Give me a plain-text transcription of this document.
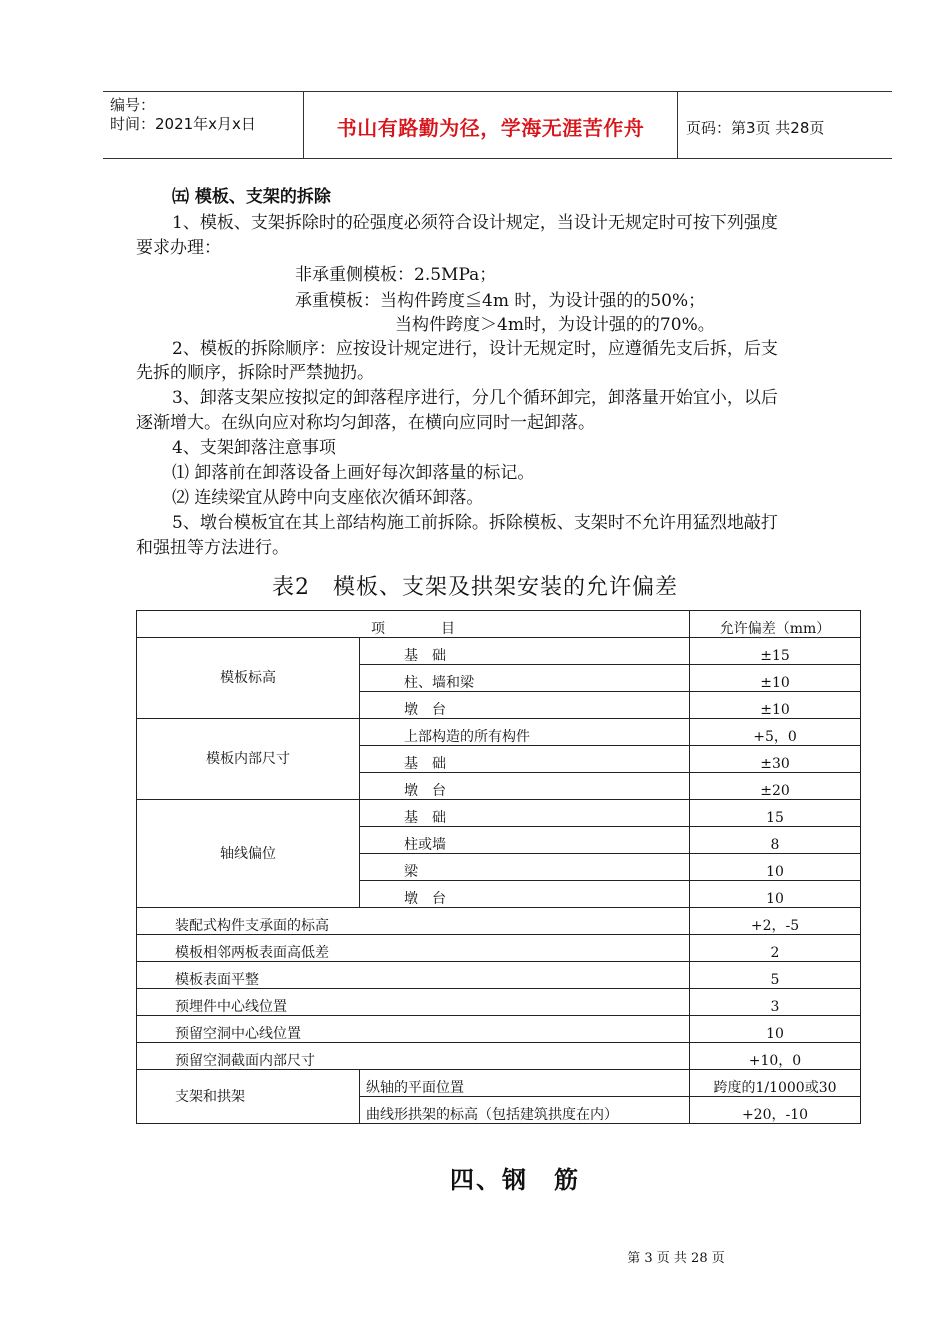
编号：
时间：2021年x月x日	书山有路勤为径，学海无涯苦作舟	页码：第3页 共28页
㈤ 模板、支架的拆除
1、模板、支架拆除时的砼强度必须符合设计规定，当设计无规定时可按下列强度
要求办理：
非承重侧模板：2.5MPa；
承重模板：当构件跨度≦4m 时，为设计强的的50%；
当构件跨度＞4m时，为设计强的的70%。
2、模板的拆除顺序：应按设计规定进行，设计无规定时，应遵循先支后拆，后支
先拆的顺序，拆除时严禁抛扔。
3、卸落支架应按拟定的卸落程序进行，分几个循环卸完，卸落量开始宜小，以后
逐渐增大。在纵向应对称均匀卸落，在横向应同时一起卸落。
4、支架卸落注意事项
⑴ 卸落前在卸落设备上画好每次卸落量的标记。
⑵ 连续梁宜从跨中向支座依次循环卸落。
5、墩台模板宜在其上部结构施工前拆除。拆除模板、支架时不允许用猛烈地敲打
和强扭等方法进行。
表2　模板、支架及拱架安装的允许偏差
项　　　　目		允许偏差（mm）
模板标高	基　础	±15
	柱、墙和梁	±10
	墩　台	±10
模板内部尺寸	上部构造的所有构件	+5，0
	基　础	±30
	墩　台	±20
轴线偏位	基　础	15
	柱或墙	8
	梁	10
	墩　台	10
装配式构件支承面的标高		+2，-5
模板相邻两板表面高低差		2
模板表面平整		5
预埋件中心线位置		3
预留空洞中心线位置		10
预留空洞截面内部尺寸		+10，0
支架和拱架	纵轴的平面位置	跨度的1/1000或30
	曲线形拱架的标高（包括建筑拱度在内）	+20，-10
四、钢　筋
第 3 页 共 28 页
